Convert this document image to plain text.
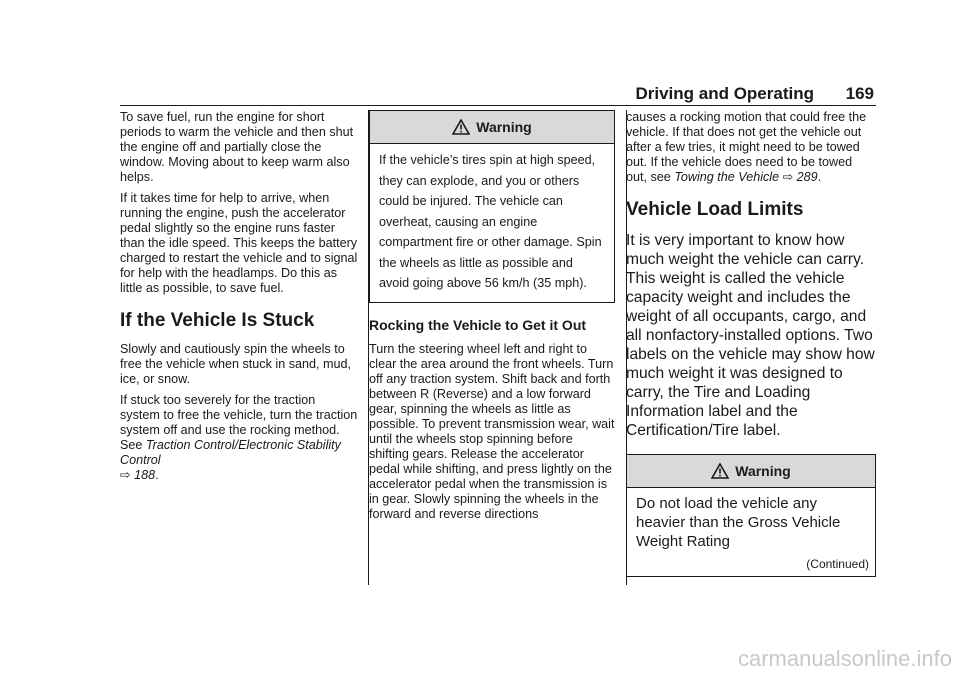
Driving and Operating 169

To save fuel, run the engine for short periods to warm the vehicle and then shut the engine off and partially close the window. Moving about to keep warm also helps.

If it takes time for help to arrive, when running the engine, push the accelerator pedal slightly so the engine runs faster than the idle speed. This keeps the battery charged to restart the vehicle and to signal for help with the headlamps. Do this as little as possible, to save fuel.

If the Vehicle Is Stuck

Slowly and cautiously spin the wheels to free the vehicle when stuck in sand, mud, ice, or snow.

If stuck too severely for the traction system to free the vehicle, turn the traction system off and use the rocking method. See Traction Control/Electronic Stability Control
⇨ 188.

Warning
If the vehicle’s tires spin at high speed, they can explode, and you or others could be injured. The vehicle can overheat, causing an engine compartment fire or other damage. Spin the wheels as little as possible and avoid going above 56 km/h (35 mph).
Rocking the Vehicle to Get it Out

Turn the steering wheel left and right to clear the area around the front wheels. Turn off any traction system. Shift back and forth between R (Reverse) and a low forward gear, spinning the wheels as little as possible. To prevent transmission wear, wait until the wheels stop spinning before shifting gears. Release the accelerator pedal while shifting, and press lightly on the accelerator pedal when the transmission is in gear. Slowly spinning the wheels in the forward and reverse directions

causes a rocking motion that could free the vehicle. If that does not get the vehicle out after a few tries, it might need to be towed out. If the vehicle does need to be towed out, see Towing the Vehicle ⇨ 289.

Vehicle Load Limits

It is very important to know how much weight the vehicle can carry. This weight is called the vehicle capacity weight and includes the weight of all occupants, cargo, and all nonfactory-installed options. Two labels on the vehicle may show how much weight it was designed to carry, the Tire and Loading Information label and the Certification/Tire label.

Warning
Do not load the vehicle any heavier than the Gross Vehicle Weight Rating
(Continued)
carmanualsonline.info
